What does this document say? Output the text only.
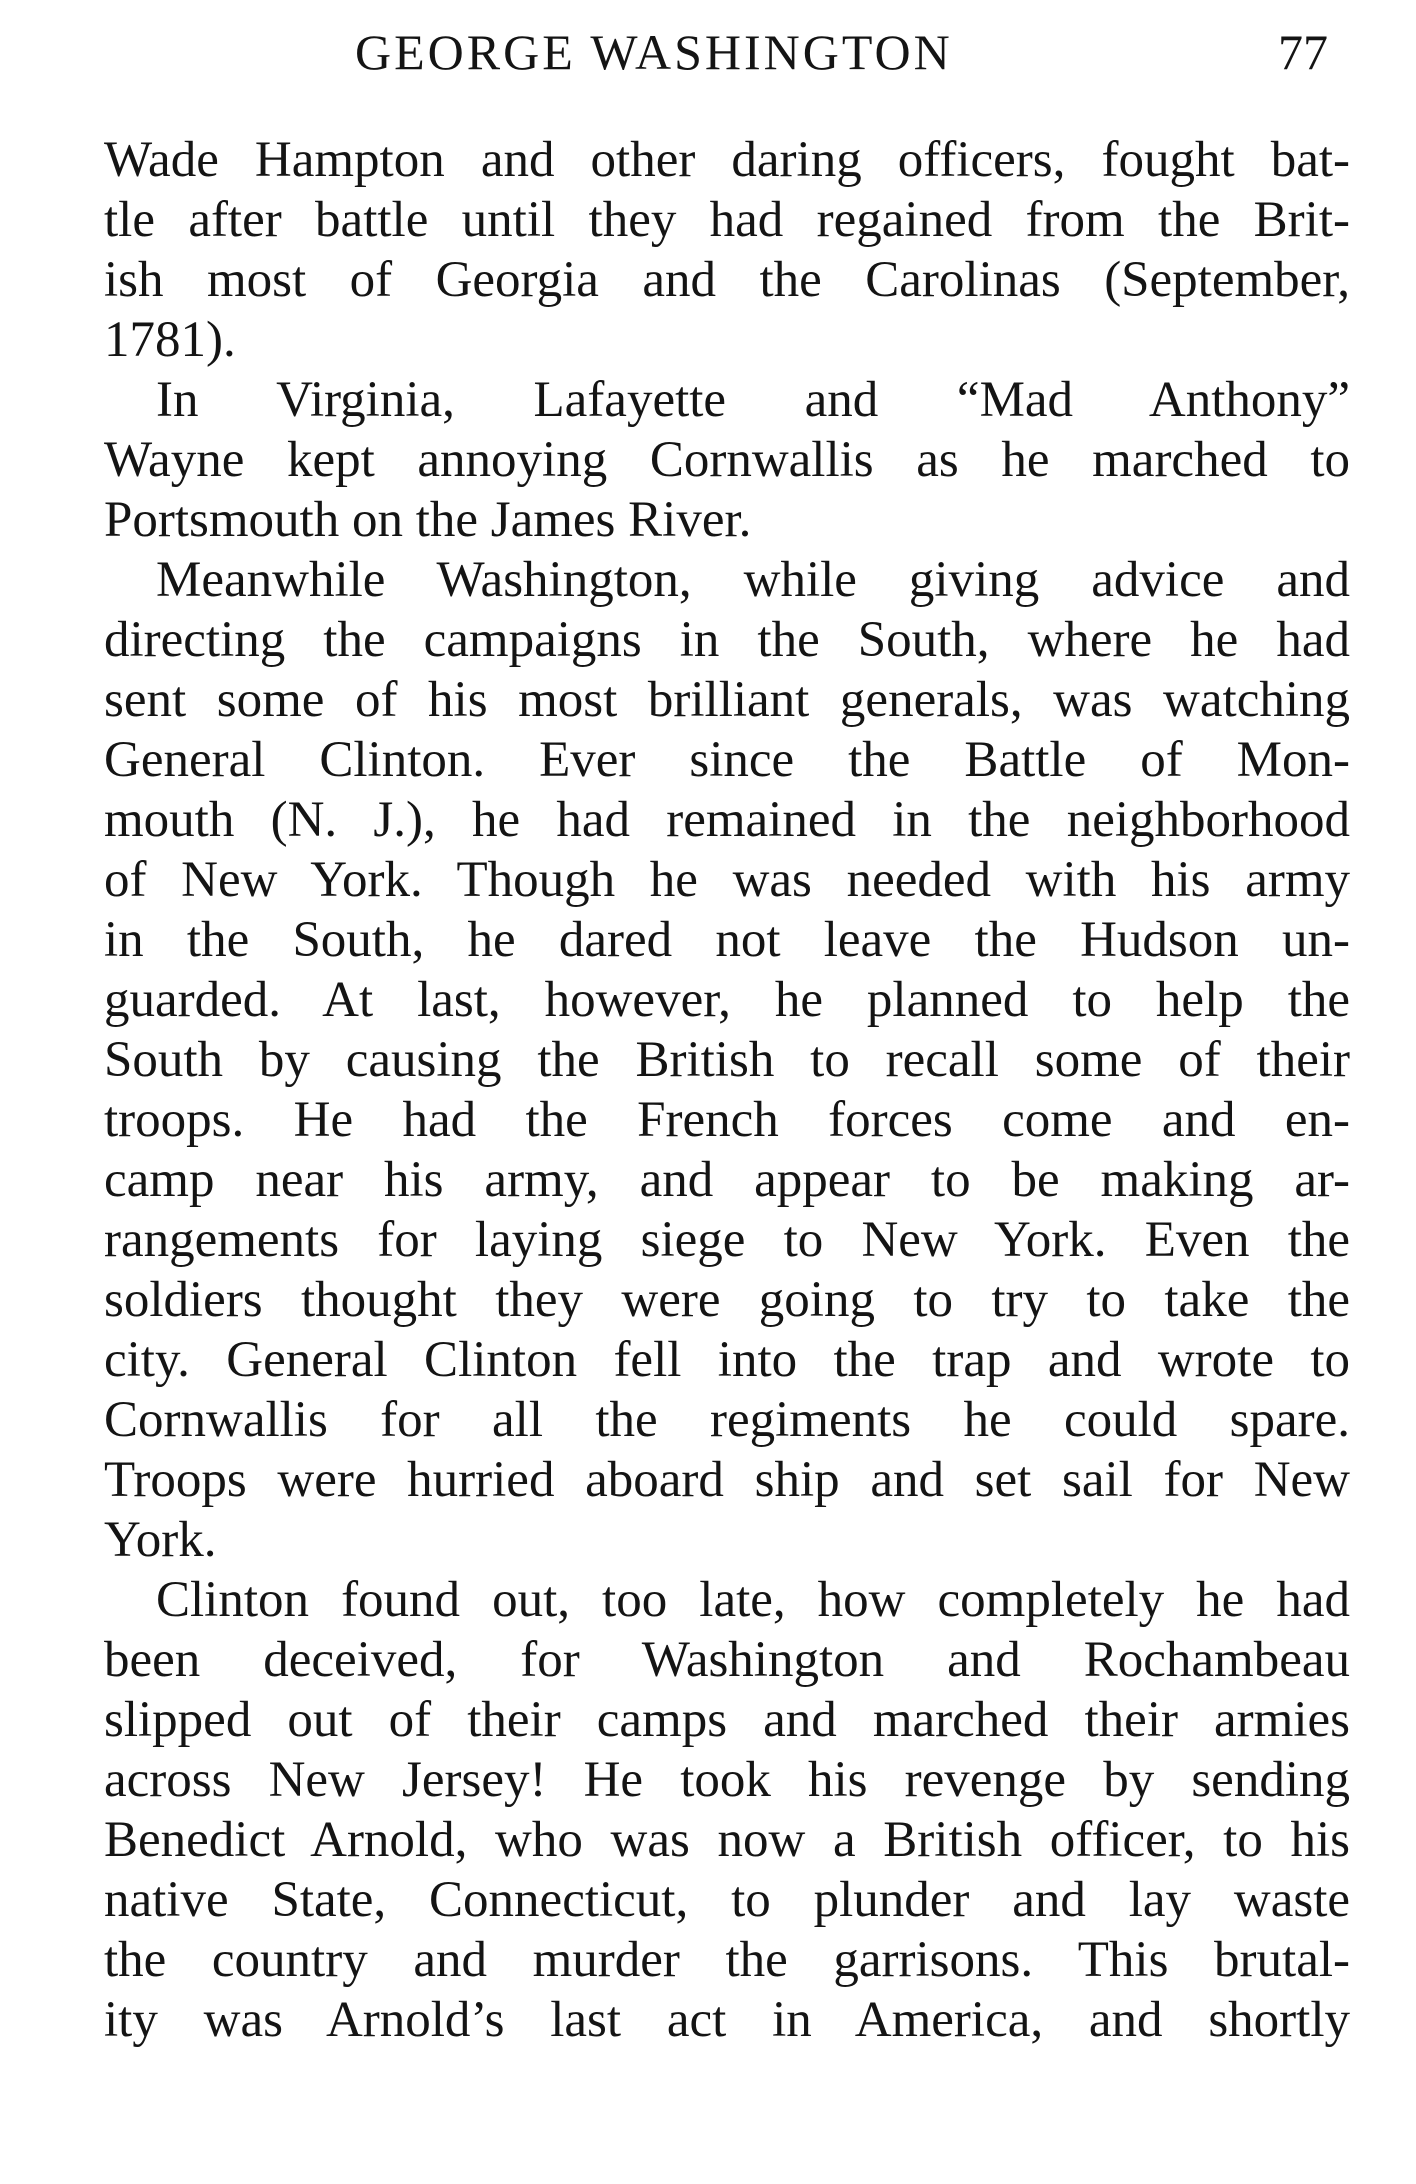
GEORGE WASHINGTON	77
Wade Hampton and other daring officers, fought bat-
tle after battle until they had regained from the Brit-
ish most of Georgia and the Carolinas (September,
1781).
In Virginia, Lafayette and “Mad Anthony”
Wayne kept annoying Cornwallis as he marched to
Portsmouth on the James River.
Meanwhile Washington, while giving advice and
directing the campaigns in the South, where he had
sent some of his most brilliant generals, was watching
General Clinton. Ever since the Battle of Mon-
mouth (N. J.), he had remained in the neighborhood
of New York. Though he was needed with his army
in the South, he dared not leave the Hudson un-
guarded. At last, however, he planned to help the
South by causing the British to recall some of their
troops. He had the French forces come and en-
camp near his army, and appear to be making ar-
rangements for laying siege to New York. Even the
soldiers thought they were going to try to take the
city. General Clinton fell into the trap and wrote to
Cornwallis for all the regiments he could spare.
Troops were hurried aboard ship and set sail for New
York.
Clinton found out, too late, how completely he had
been deceived, for Washington and Rochambeau
slipped out of their camps and marched their armies
across New Jersey! He took his revenge by sending
Benedict Arnold, who was now a British officer, to his
native State, Connecticut, to plunder and lay waste
the country and murder the garrisons. This brutal-
ity was Arnold’s last act in America, and shortly
